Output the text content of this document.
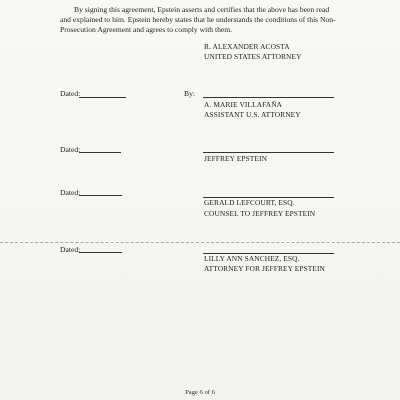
By signing this agreement, Epstein asserts and certifies that the above has been read
and explained to him. Epstein hereby states that he understands the conditions of this Non-
Prosecution Agreement and agrees to comply with them.
R. ALEXANDER ACOSTA
UNITED STATES ATTORNEY
Dated:	By:
A. MARIE VILLAFAÑA
ASSISTANT U.S. ATTORNEY
Dated:
JEFFREY EPSTEIN
Dated:
GERALD LEFCOURT, ESQ.
COUNSEL TO JEFFREY EPSTEIN
Dated:
LILLY ANN SANCHEZ, ESQ.
ATTORNEY FOR JEFFREY EPSTEIN
Page 6 of 6
